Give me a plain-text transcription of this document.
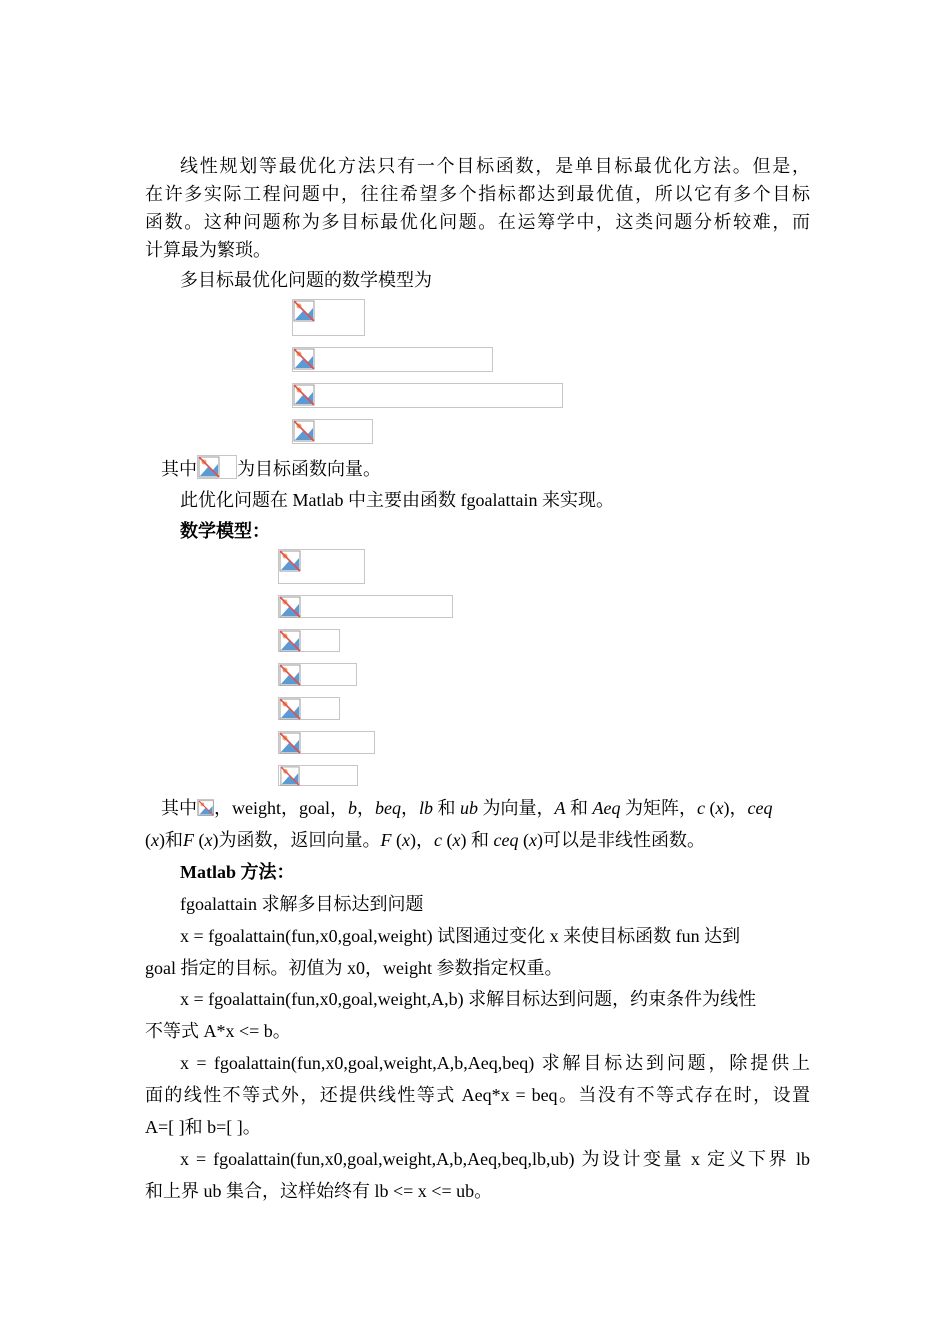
线性规划等最优化方法只有一个目标函数，是单目标最优化方法。但是，
在许多实际工程问题中，往往希望多个指标都达到最优值，所以它有多个目标
函数。这种问题称为多目标最优化问题。在运筹学中，这类问题分析较难，而
计算最为繁琐。
多目标最优化问题的数学模型为
其中 为目标函数向量。
此优化问题在 Matlab 中主要由函数 fgoalattain 来实现。
数学模型：
其中 ，weight，goal，b，beq，lb 和 ub 为向量，A 和 Aeq 为矩阵，c (x)，ceq
(x)和F (x)为函数，返回向量。F (x)，c (x) 和 ceq (x)可以是非线性函数。
Matlab 方法：
fgoalattain 求解多目标达到问题
x = fgoalattain(fun,x0,goal,weight) 试图通过变化 x 来使目标函数 fun 达到
goal 指定的目标。初值为 x0，weight 参数指定权重。
x = fgoalattain(fun,x0,goal,weight,A,b) 求解目标达到问题，约束条件为线性
不等式 A*x <= b。
x = fgoalattain(fun,x0,goal,weight,A,b,Aeq,beq) 求解目标达到问题，除提供上
面的线性不等式外，还提供线性等式 Aeq*x = beq。当没有不等式存在时，设置
A=[ ]和 b=[ ]。
x = fgoalattain(fun,x0,goal,weight,A,b,Aeq,beq,lb,ub) 为设计变量 x 定义下界 lb
和上界 ub 集合，这样始终有 lb <= x <= ub。
